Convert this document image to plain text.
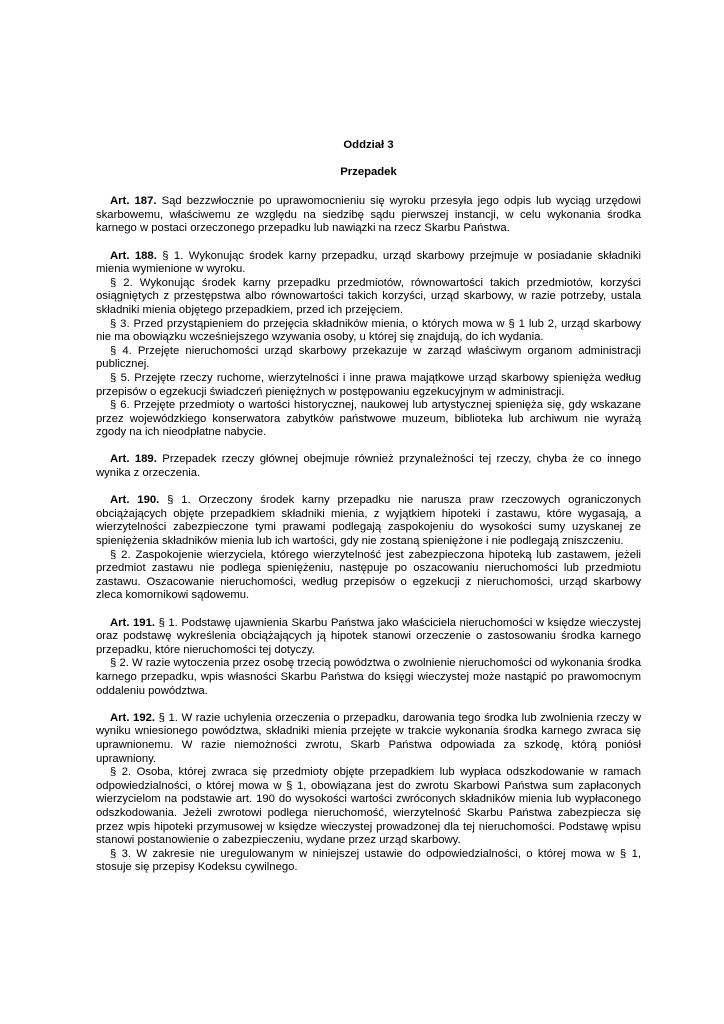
Oddział 3

Przepadek

Art. 187. Sąd bezzwłocznie po uprawomocnieniu się wyroku przesyła jego odpis lub wyciąg urzędowi skarbowemu, właściwemu ze względu na siedzibę sądu pierwszej instancji, w celu wykonania środka karnego w postaci orzeczonego przepadku lub nawiązki na rzecz Skarbu Państwa.

Art. 188. § 1. Wykonując środek karny przepadku, urząd skarbowy przejmuje w posiadanie składniki mienia wymienione w wyroku.

§ 2. Wykonując środek karny przepadku przedmiotów, równowartości takich przedmiotów, korzyści osiągniętych z przestępstwa albo równowartości takich korzyści, urząd skarbowy, w razie potrzeby, ustala składniki mienia objętego przepadkiem, przed ich przejęciem.

§ 3. Przed przystąpieniem do przejęcia składników mienia, o których mowa w § 1 lub 2, urząd skarbowy nie ma obowiązku wcześniejszego wzywania osoby, u której się znajdują, do ich wydania.

§ 4. Przejęte nieruchomości urząd skarbowy przekazuje w zarząd właściwym organom administracji publicznej.

§ 5. Przejęte rzeczy ruchome, wierzytelności i inne prawa majątkowe urząd skarbowy spienięża według przepisów o egzekucji świadczeń pieniężnych w postępowaniu egzekucyjnym w administracji.

§ 6. Przejęte przedmioty o wartości historycznej, naukowej lub artystycznej spienięża się, gdy wskazane przez wojewódzkiego konserwatora zabytków państwowe muzeum, biblioteka lub archiwum nie wyrażą zgody na ich nieodpłatne nabycie.

Art. 189. Przepadek rzeczy głównej obejmuje również przynależności tej rzeczy, chyba że co innego wynika z orzeczenia.

Art. 190. § 1. Orzeczony środek karny przepadku nie narusza praw rzeczowych ograniczonych obciążających objęte przepadkiem składniki mienia, z wyjątkiem hipoteki i zastawu, które wygasają, a wierzytelności zabezpieczone tymi prawami podlegają zaspokojeniu do wysokości sumy uzyskanej ze spieniężenia składników mienia lub ich wartości, gdy nie zostaną spieniężone i nie podlegają zniszczeniu.

§ 2. Zaspokojenie wierzyciela, którego wierzytelność jest zabezpieczona hipoteką lub zastawem, jeżeli przedmiot zastawu nie podlega spieniężeniu, następuje po oszacowaniu nieruchomości lub przedmiotu zastawu. Oszacowanie nieruchomości, według przepisów o egzekucji z nieruchomości, urząd skarbowy zleca komornikowi sądowemu.

Art. 191. § 1. Podstawę ujawnienia Skarbu Państwa jako właściciela nieruchomości w księdze wieczystej oraz podstawę wykreślenia obciążających ją hipotek stanowi orzeczenie o zastosowaniu środka karnego przepadku, które nieruchomości tej dotyczy.

§ 2. W razie wytoczenia przez osobę trzecią powództwa o zwolnienie nieruchomości od wykonania środka karnego przepadku, wpis własności Skarbu Państwa do księgi wieczystej może nastąpić po prawomocnym oddaleniu powództwa.

Art. 192. § 1. W razie uchylenia orzeczenia o przepadku, darowania tego środka lub zwolnienia rzeczy w wyniku wniesionego powództwa, składniki mienia przejęte w trakcie wykonania środka karnego zwraca się uprawnionemu. W razie niemożności zwrotu, Skarb Państwa odpowiada za szkodę, którą poniósł uprawniony.

§ 2. Osoba, której zwraca się przedmioty objęte przepadkiem lub wypłaca odszkodowanie w ramach odpowiedzialności, o której mowa w § 1, obowiązana jest do zwrotu Skarbowi Państwa sum zapłaconych wierzycielom na podstawie art. 190 do wysokości wartości zwróconych składników mienia lub wypłaconego odszkodowania. Jeżeli zwrotowi podlega nieruchomość, wierzytelność Skarbu Państwa zabezpiecza się przez wpis hipoteki przymusowej w księdze wieczystej prowadzonej dla tej nieruchomości. Podstawę wpisu stanowi postanowienie o zabezpieczeniu, wydane przez urząd skarbowy.

§ 3. W zakresie nie uregulowanym w niniejszej ustawie do odpowiedzialności, o której mowa w § 1, stosuje się przepisy Kodeksu cywilnego.
